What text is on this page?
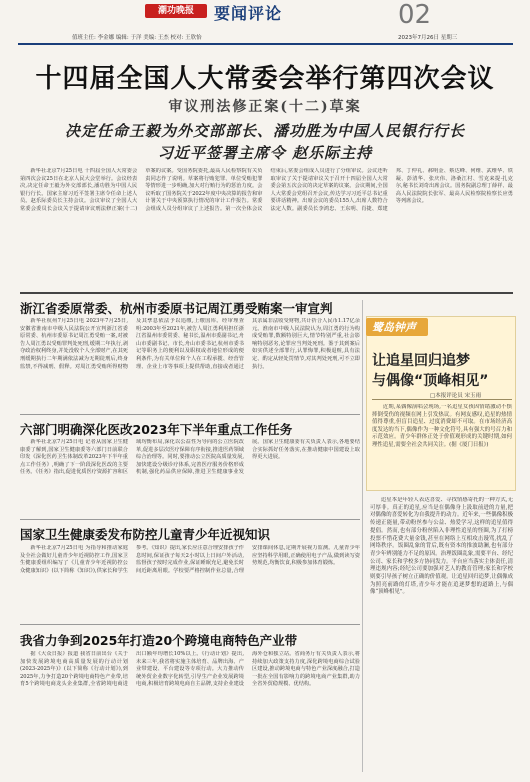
潮功晚报	要闻评论	02
值班主任: 李金娜 编辑: 于洋 美编: 王杰 校对: 王欣怡	2023年7月26日 星期三
十四届全国人大常委会举行第四次会议
审议刑法修正案(十二)草案
决定任命王毅为外交部部长、潘功胜为中国人民银行行长
习近平签署主席令 赵乐际主持

新华社北京7月25日电 十四届全国人大常委会第四次会议25日在北京人民大会堂举行。会议经表决,决定任命王毅为外交部部长,潘功胜为中国人民银行行长。国家主席习近平签署主席令任命上述人员。赵乐际委员长主持会议。会议审议了全国人大常委会委员长会议关于提请审议刑法修正案(十二)草案的议案。受国务院委托,最高人民检察院有关负责同志作了说明。草案将行贿犯罪、单位受贿犯罪等情形进一步明确,加大对行贿行为的惩治力度。会议听取了国务院关于2022年度中央决算的报告和审计署关于中央预算执行情况的审计工作报告。常委会组成人员分组审议了上述报告。第一次全体会议结束后,常委会组成人员进行了分组审议。会议还听取审议了关于提请审议关于召开十四届全国人大常委会第五次会议的决定草案的议案。会议期间,全国人大常委会党组召开会议,传达学习习近平总书记重要讲话精神。出席会议的委员155人,出席人数符合法定人数。副委员长李鸿忠、王东明、肖捷、郑建邦、丁仲礼、郝明金、蔡达峰、何维、武维华、铁凝、彭清华、张庆伟、洛桑江村、雪克来提·扎克尔,秘书长刘奇出席会议。国务院副总理丁薛祥、最高人民法院院长张军、最高人民检察院检察长应勇等列席会议。

浙江省委原常委、杭州市委原书记周江勇受贿案一审宣判

新华社杭州7月25日电 2023年7月25日,安徽省淮南市中级人民法院公开宣判浙江省委原常委、杭州市委原书记周江勇受贿一案,对被告人周江勇以受贿罪判处死刑,缓期二年执行,剥夺政治权利终身,并处没收个人全部财产,在其死刑缓期执行二年期满依法减为无期徒刑后,终身监禁,不得减刑、假释。对周江勇受贿所得财物及其孳息依法予以追缴,上缴国库。经审理查明:2003年至2021年,被告人周江勇利用担任浙江省温州市委常委、秘书长,温州市委副书记,舟山市委副书记、市长,舟山市委书记,杭州市委书记等职务上的便利以及职权或者地位形成的便利条件,为有关单位和个人在工程承揽、经营管理、企业上市等事项上提供帮助,直接或者通过其亲属非法收受财物,共计折合人民币1.17亿余元。淮南市中级人民法院认为,周江勇的行为构成受贿罪,数额特别巨大,情节特别严重,社会影响特别恶劣,论罪应当判处死刑。鉴于其到案后如实供述全部罪行,认罪悔罪,积极退赃,具有法定、酌定从轻处罚情节,对其判处死刑,可不立即执行。

六部门明确深化医改2023年下半年重点工作任务

新华社北京7月25日电 记者从国家卫生健康委了解到,国家卫生健康委等六部门日前联合印发《深化医药卫生体制改革2023年下半年重点工作任务》,明确了下一阶段深化医改的主要任务。《任务》指出,促进优质医疗资源扩容和区域均衡布局,深化以公益性为导向的公立医院改革,促进多层次医疗保障有序衔接,推进医药领域综合治理等。同时,要推动公立医院高质量发展,加快建设分级诊疗体系,完善医疗服务价格形成机制,强化药品供应保障,推进卫生健康事业发展。国家卫生健康委有关负责人表示,各地要结合实际抓好任务落实,在推动健康中国建设上取得更大进展。

国家卫生健康委发布防控儿童青少年近视知识

新华社北京7月25日电 为指导和推动家庭及全社会做好儿童青少年近视防控工作,国家卫生健康委组织编写了《儿童青少年近视防控公众健康知识》(以下简称《知识》),供家长和学生参考。《知识》提出,家长应注意合理安排孩子作息时间,保证孩子每天2小时以上日间户外活动,监督孩子按时完成作业,保证睡眠充足,避免长时间近距离用眼。学校要严格控制作业总量,合理安排课间休息,定期开展视力监测。儿童青少年应坚持科学用眼,正确使用电子产品,做到读写姿势规范,均衡饮食,积极参加体育锻炼。

我省力争到2025年打造20个跨境电商特色产业带

据《大众日报》报道 我省日前出台《关于加快发展跨境电商高质量发展的行动计划(2023-2025年)》(以下简称《行动计划》),到2025年,力争打造20个跨境电商特色产业带,培育5个跨境电商龙头企业集群,全省跨境电商进出口额年均增长10%以上。《行动计划》提出,未来三年,我省将实施主体培育、品牌出海、产业带建设、平台建设等专项行动。大力推动传统外贸企业数字化转型,引导生产企业发展跨境电商,积极培育跨境电商自主品牌,支持企业建设海外仓和独立站。省商务厅有关负责人表示,将持续加大政策支持力度,深化跨境电商综合试验区建设,推动跨境电商与特色产业深度融合,打造一批在全国有影响力的跨境电商产业集群,助力全省外贸稳规模、优结构。

鹭岛钟声
让追星回归追梦
与偶像“顶峰相见”
□本报评论员 宋玉雨

近期,某偶像演唱会现场,一名追星女孩因情绪激动不慎摔倒受伤的视频在网上引发热议。有网友感叹,追星的热情值得尊重,但盲目追星、过度消费却不可取。在市场经济高度发达的当下,偶像作为一种文化符号,具有强大的号召力和示范效应。青少年群体正处于价值观形成的关键时期,如何理性追星,需要全社会共同关注。(据《厦门日报》)

追星本是年轻人表达喜爱、寻找情感寄托的一种方式,无可厚非。真正的追星,应当是在偶像身上汲取前进的力量,把对偶像的喜爱转化为自我提升的动力。近年来,一些偶像积极传递正能量,带动粉丝参与公益、热爱学习,这样的追星值得提倡。然而,也有部分粉丝陷入非理性追星的怪圈,为了打榜投票不惜花费大量金钱,甚至在网络上互相攻击谩骂,扰乱了网络秩序。饭圈乱象的背后,既有资本的推波助澜,也有部分青少年辨别能力不足的原因。治理饭圈乱象,需要平台、经纪公司、家长和学校多方协同发力。平台应当落实主体责任,清理违规内容;经纪公司要加强对艺人的教育管理;家长和学校则要引导孩子树立正确的价值观。让追星回归追梦,让偶像成为照亮前路的灯塔,青少年才能在追逐梦想的道路上,与偶像“顶峰相见”。
